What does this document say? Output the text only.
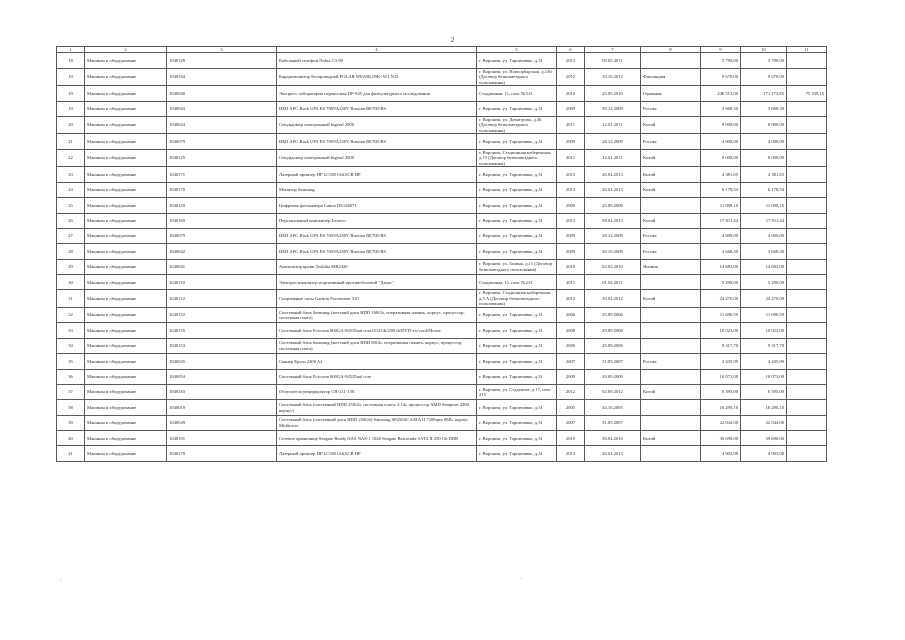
2
1	2	3	4	5	6	7	8	9	10	11
18	Машины и оборудование	1040129	Кабельный телефон Nokia C3-00	г. Воронеж, ул. Тарпичивко, д.31	2013	05.05.2011		5 790,00	5 790,00	
19	Машины и оборудование	1040164	Кардиомонитор беспроводной POLAR WEARLINK+W.I.N.D.	г. Воронеж, ул. Новоорбарская, д.136 (Договор безвозмездного пользования)	2012	10.10.2012	Финляндия	9 670,00	9 670,00	
19	Машины и оборудование	1040040	Экспресс-лаборатория переносная DP-945 для физкультурного исследования	Стадионная, 11, пом. №313	2010	25.05.2010	Германия	246 513,00	171 173,85	75 339,15
19	Машины и оборудование	1040043	ИБП APC Back UPS ES 700VA230V Russian BE700-RS	г. Воронеж, ул. Тарпичивко, д.31	2009	30.12.2009	Россия	3 668,30	3 668,30	
20	Машины и оборудование	1040024	Секундомер электронный Ingeral 2000	г. Воронеж, ул. Димитрова, д.36 (Договор безвозмездного пользования)	2011	12.01.2011	Китай	8 000,00	8 000,00	
21	Машины и оборудование	1040079	ИБП APC Back UPS ES 700VA230V Russian BE700-RS	г. Воронеж, ул. Тарпичивко, д.31	2009	28.12.2009	Россия	4 000,00	4 000,00	
22	Машины и оборудование	1040125	Секундомер электронный Ingeral 2000	г. Воронеж, Стадионная набережная, д.15 (Договор безвозмездного пользования)	2011	12.01.2011	Китай	8 000,00	8 000,00	
23	Машины и оборудование	1040171	Лазерный принтер HP LC5051A#ACB HP	г. Воронеж, ул. Тарпичивко, д.31	2013	20.04.2013	Китай	4 381,65	4 381,65	
24	Машины и оборудование	1040170	Монитор Samsung	г. Воронеж, ул. Тарпичивко, д.31	2013	20.04.2013	Китай	6 178,54	6 178,54	
25	Машины и оборудование	1040159	Цифровая фотокамера Canon DS126071	г. Воронеж, ул. Тарпичивко, д.31	2006	25.09.2006		11 098,10	11 098,10	
26	Машины и оборудование	1040169	Персональный компьютер Lenovo	г. Воронеж, ул. Тарпичивко, д.31	2013	08.04.2013	Китай	17 811,44	17 811,44	
27	Машины и оборудование	1040079	ИБП APC Back UPS ES 700VA230V Russian BE700-RS	г. Воронеж, ул. Тарпичивко, д.31	2009	28.12.2009	Россия	4 000,00	4 000,00	
28	Машины и оборудование	1040042	ИБП APC Back UPS ES 700VA230V Russian BE700-RS	г. Воронеж, ул. Тарпичивко, д.31	2009	30.10.2009	Россия	3 668,30	3 668,30	
29	Машины и оборудование	1040041	Анализатор крови Toshiba MR2420	г. Воронеж, ул. Залина, д.11 (Договор безвозмездного пользования)	2010	02.02.2010	Япония	14 683,00	14 683,00	
30	Машины и оборудование	1040110	Электростимулятор портативный противоболевой "Дэнас"	Стадионная, 11, пом. №213	2011	01.04.2011		5 290,00	5 290,00	
31	Машины и оборудование	1040112	Спортивные часы Garmin Forerunner 310	г. Воронеж, Стадионная набережная, д.5 А (Договор безвозмездного пользования)	2012	10.04.2012	Китай	24 270,00	24 270,00	
32	Машины и оборудование	1040152	Системный блок Samsung (жесткий диск HDD 160Gb, оперативная память, корпус, процессор, системная плата)	г. Воронеж, ул. Тарпичивко, д.31	2006	25.09.2006		11 696,59	11 696,59	
33	Машины и оборудование	1040155	Системный блок Foxconn 800GA-945/Dual core2512Gb/250Gb/DVD-rw/cord/Mouse	г. Воронеж, ул. Тарпичивко, д.31	2008	29.09.2008		10 023,00	10 023,00	
34	Машины и оборудование	1040153	Системный блок Samsung (жесткий диск HDD 80Gb, оперативная память, корпус, процессор, системная плата)	г. Воронеж, ул. Тарпичивко, д.31	2006	25.09.2006		9 317,70	9 317,70	
35	Машины и оборудование	1040045	Сканер Epson 2400 A4	г. Воронеж, ул. Тарпичивко, д.31	2007	31.05.2007	Россия	4 435,99	4 435,99	
36	Машины и оборудование	1040054	Системный блок Foxconn 800GA-945/Dual core	г. Воронеж, ул. Тарпичивко, д.31	2009	29.09.2009		10 073,00	10 073,00	
37	Машины и оборудование	1040183	Облучатель-рециркулятор СН-211-130	г. Воронеж, ул. Студентов, д.17, пом. 215	2012	02.09.2012	Китай	6 395,00	6 395,00	
38	Машины и оборудование	1040019	Системный блок (системный HDD 250Gb, системная плата, 4 Gb, процессор AMD Sempron 2300, корпус)	г. Воронеж, ул. Тарпичивко, д.31	2005	24.10.2005		16 290,10	16 290,10	
39	Машины и оборудование	1040049	Системный блок (системный диск HDD 250Gb) Samsung SP2504C SATA II 7200rpm 8Mb, корпус Miditower	г. Воронеж, ул. Тарпичивко, д.31	2007	31.05.2007		22 044,00	22 044,00	
40	Машины и оборудование	1040101	Сетевое хранилище Seagate Ready NAS NAS-1 1020 Seagate Barracuda SATA II 250 Gb DDR	г. Воронеж, ул. Тарпичивко, д.31	2010	30.04.2010	Китай	39 690,00	39 690,00	
41	Машины и оборудование	1040179	Лазерный принтер HP LC5051A#ACB HP	г. Воронеж, ул. Тарпичивко, д.31	2013	20.04.2013		4 903,98	4 903,98	
·
·
